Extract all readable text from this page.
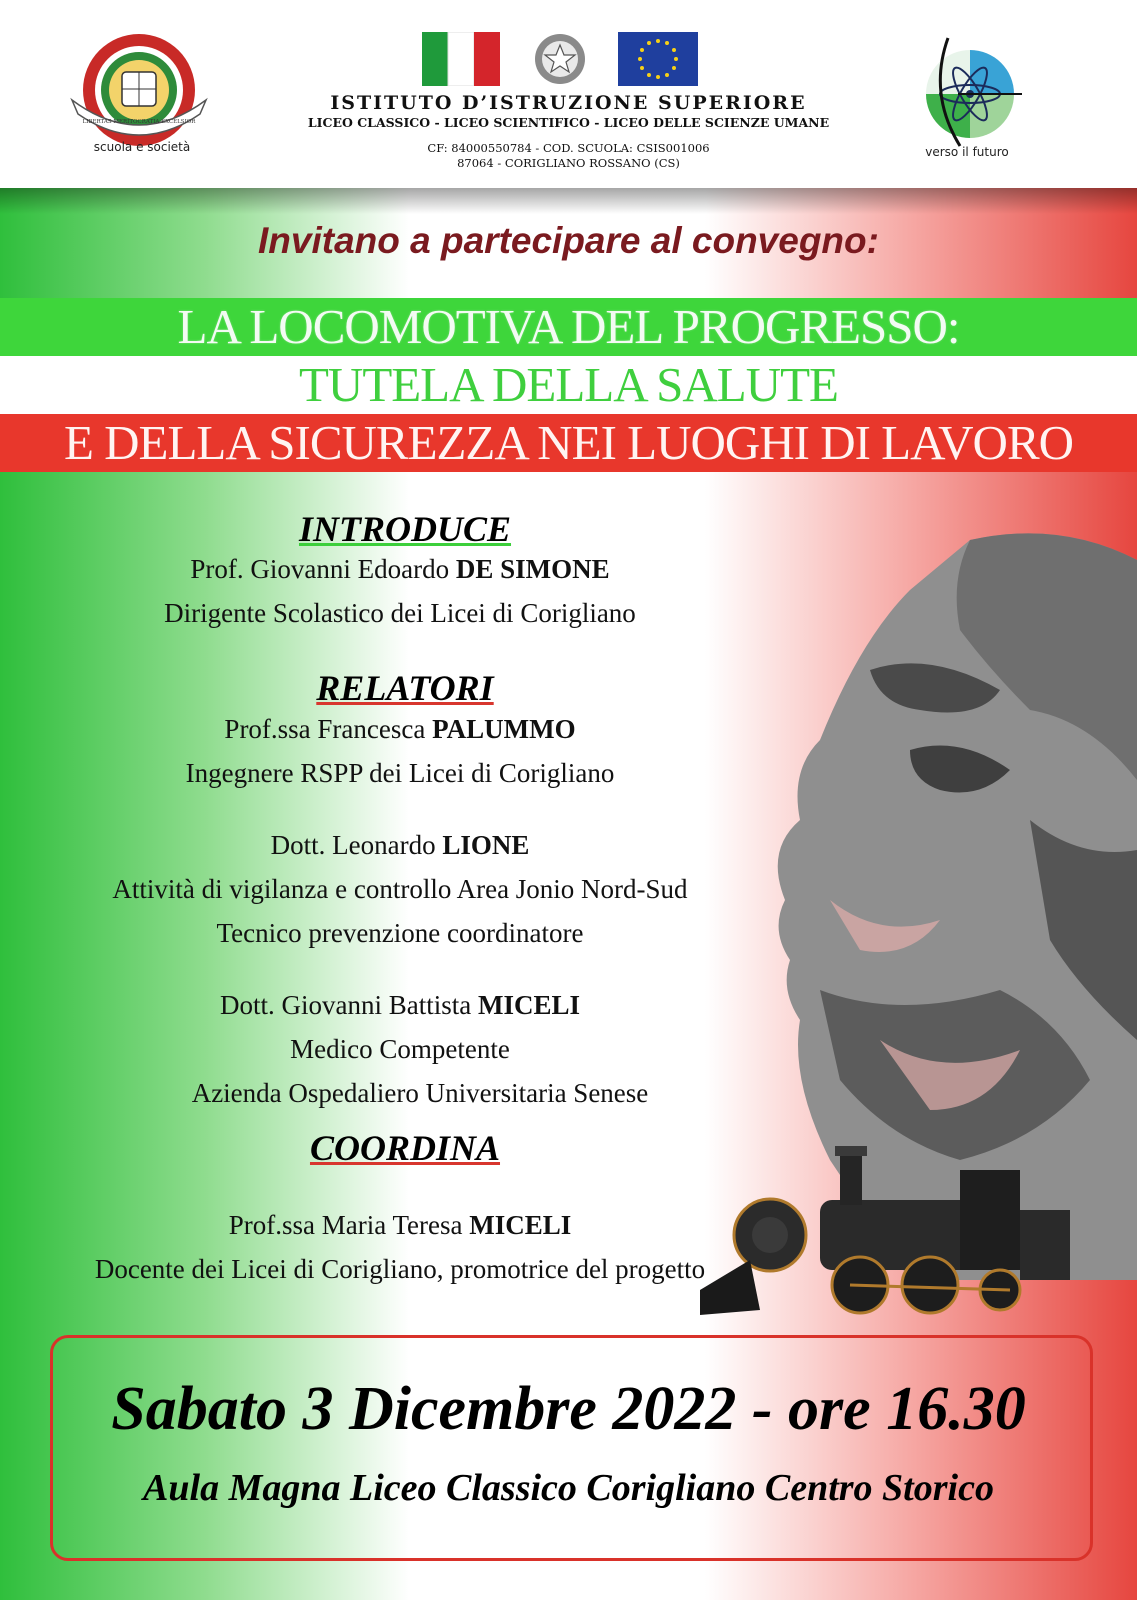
LIBERTAS MERITOCRATIA EXCELSIOR
scuola e società
ISTITUTO D’ISTRUZIONE SUPERIORE
LICEO CLASSICO - LICEO SCIENTIFICO - LICEO DELLE SCIENZE UMANE
CF: 84000550784 - COD. SCUOLA: CSIS001006
87064 - CORIGLIANO ROSSANO (CS)
verso il futuro
Invitano a partecipare al convegno:
LA LOCOMOTIVA DEL PROGRESSO:
TUTELA DELLA SALUTE
E DELLA SICUREZZA NEI LUOGHI DI LAVORO
INTRODUCE
Prof. Giovanni Edoardo DE SIMONE
Dirigente Scolastico dei Licei di Corigliano
RELATORI
Prof.ssa Francesca PALUMMO
Ingegnere RSPP dei Licei di Corigliano
Dott. Leonardo LIONE
Attività di vigilanza e controllo Area Jonio Nord-Sud
Tecnico prevenzione coordinatore
Dott. Giovanni Battista MICELI
Medico Competente
Azienda Ospedaliero Universitaria Senese
COORDINA
Prof.ssa Maria Teresa MICELI
Docente dei Licei di Corigliano, promotrice del progetto
Sabato 3 Dicembre 2022 - ore 16.30
Aula Magna Liceo Classico Corigliano Centro Storico
